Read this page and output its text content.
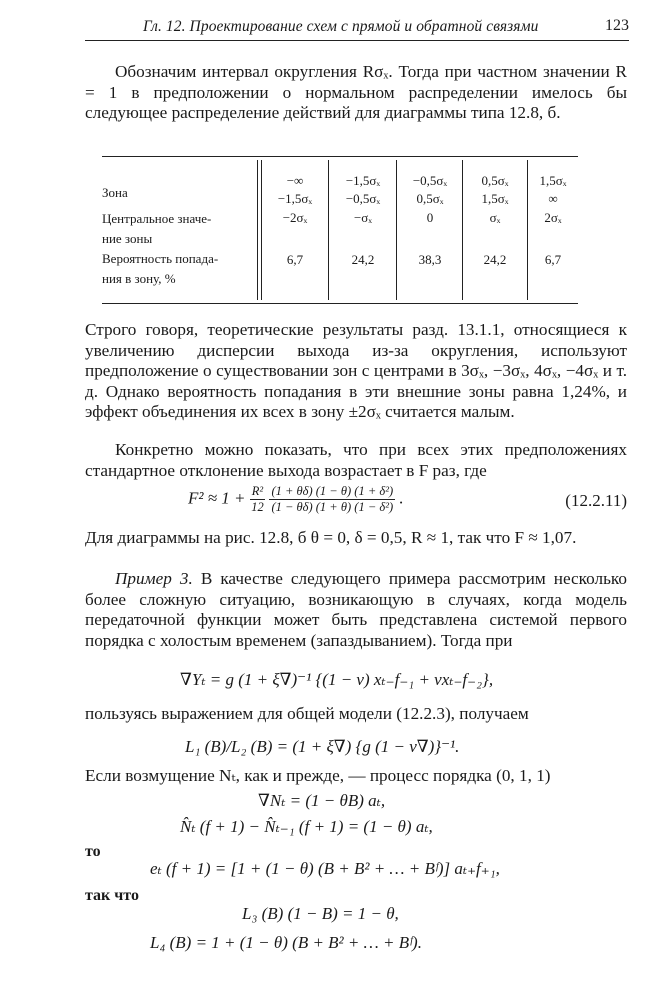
Гл. 12. Проектирование схем с прямой и обратной связями	123
Обозначим интервал округления Rσₓ. Тогда при частном значении R = 1 в предположении о нормальном распределении имелось бы следующее распределение действий для диаграммы типа 12.8, б.
Зона
Центральное значе-
ние зоны
Вероятность попада-
ния в зону, %
−∞
−1,5σₓ
−2σₓ
6,7
−1,5σₓ
−0,5σₓ
−σₓ
24,2
−0,5σₓ
0,5σₓ
0
38,3
0,5σₓ
1,5σₓ
σₓ
24,2
1,5σₓ
∞
2σₓ
6,7
Строго говоря, теоретические результаты разд. 13.1.1, относящиеся к увеличению дисперсии выхода из-за округления, используют предположение о существовании зон с центрами в 3σₓ, −3σₓ, 4σₓ, −4σₓ и т. д. Однако вероятность попадания в эти внешние зоны равна 1,24%, и эффект объединения их всех в зону ±2σₓ считается малым.
Конкретно можно показать, что при всех этих предположениях стандартное отклонение выхода возрастает в F раз, где
$F^2 \approx 1 + \frac{\text{R²}}{12}$
$\frac{\text{(1 + θδ) (1 − θ) (1 + δ²)}}{\text{(1 − θδ) (1 + θ) (1 − δ²)}}$ .	(12.2.11)
Для диаграммы на рис. 12.8, б θ = 0, δ = 0,5, R ≈ 1, так что F ≈ 1,07.
Пример 3. В качестве следующего примера рассмотрим несколько более сложную ситуацию, возникающую в случаях, когда модель передаточной функции может быть представлена системой первого порядка с холостым временем (запаздыванием). Тогда при
∇Yₜ = g (1 + ξ∇)⁻¹ {(1 − ν) xₜ₋f₋₁ + νxₜ₋f₋₂},
пользуясь выражением для общей модели (12.2.3), получаем
L₁ (B)/L₂ (B) = (1 + ξ∇) {g (1 − ν∇)}⁻¹.
Если возмущение Nₜ, как и прежде, — процесс порядка (0, 1, 1)
∇Nₜ = (1 − θB) aₜ,
N̂ₜ (f + 1) − N̂ₜ₋₁ (f + 1) = (1 − θ) aₜ,
то
eₜ (f + 1) = [1 + (1 − θ) (B + B² + … + Bᶠ)] aₜ₊f₊₁,
так что
L₃ (B) (1 − B) = 1 − θ,
L₄ (B) = 1 + (1 − θ) (B + B² + … + Bᶠ).
